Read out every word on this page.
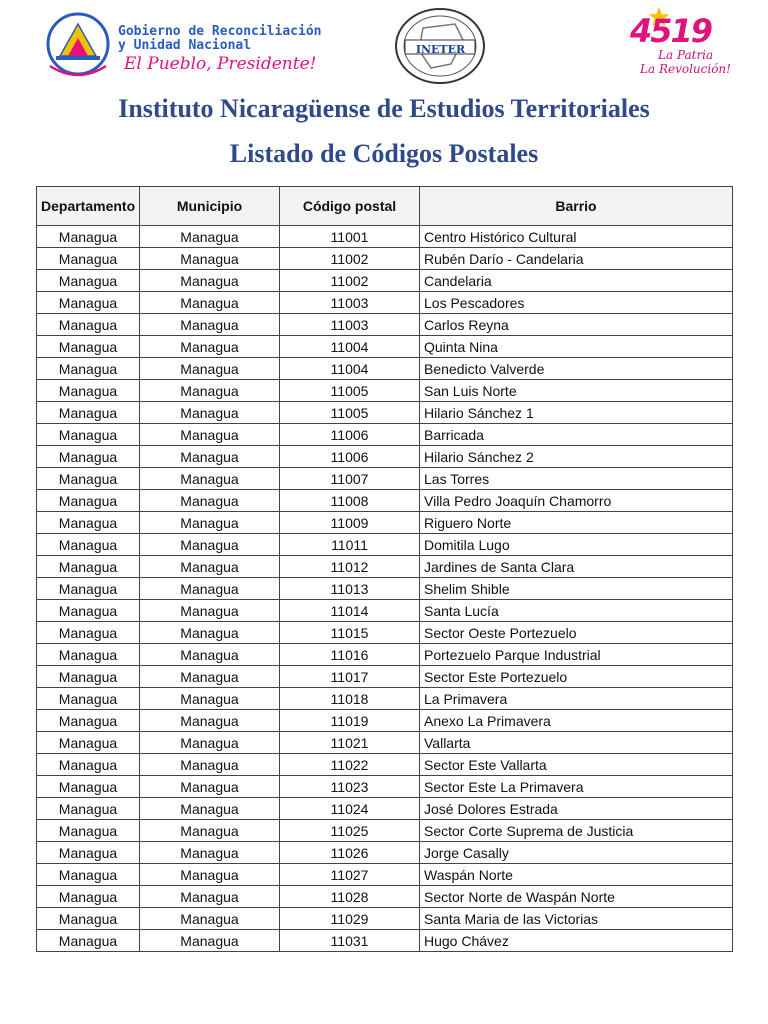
Gobierno de Reconciliación
y Unidad Nacional
El Pueblo, Presidente!
INETER	4519
La Patria
La Revolución!
Instituto Nicaragüense de Estudios Territoriales
Listado de Códigos Postales
Departamento	Municipio	Código postal	Barrio
Managua	Managua	11001	Centro Histórico Cultural
Managua	Managua	11002	Rubén Darío - Candelaria
Managua	Managua	11002	Candelaria
Managua	Managua	11003	Los Pescadores
Managua	Managua	11003	Carlos Reyna
Managua	Managua	11004	Quinta Nina
Managua	Managua	11004	Benedicto Valverde
Managua	Managua	11005	San Luis Norte
Managua	Managua	11005	Hilario Sánchez 1
Managua	Managua	11006	Barricada
Managua	Managua	11006	Hilario Sánchez 2
Managua	Managua	11007	Las Torres
Managua	Managua	11008	Villa Pedro Joaquín Chamorro
Managua	Managua	11009	Riguero Norte
Managua	Managua	11011	Domitila Lugo
Managua	Managua	11012	Jardines de Santa Clara
Managua	Managua	11013	Shelim Shible
Managua	Managua	11014	Santa Lucía
Managua	Managua	11015	Sector Oeste Portezuelo
Managua	Managua	11016	Portezuelo Parque Industrial
Managua	Managua	11017	Sector Este Portezuelo
Managua	Managua	11018	La Primavera
Managua	Managua	11019	Anexo La Primavera
Managua	Managua	11021	Vallarta
Managua	Managua	11022	Sector Este Vallarta
Managua	Managua	11023	Sector Este La Primavera
Managua	Managua	11024	José Dolores Estrada
Managua	Managua	11025	Sector Corte Suprema de Justicia
Managua	Managua	11026	Jorge Casally
Managua	Managua	11027	Waspán Norte
Managua	Managua	11028	Sector Norte de Waspán Norte
Managua	Managua	11029	Santa Maria de las Victorias
Managua	Managua	11031	Hugo Chávez
